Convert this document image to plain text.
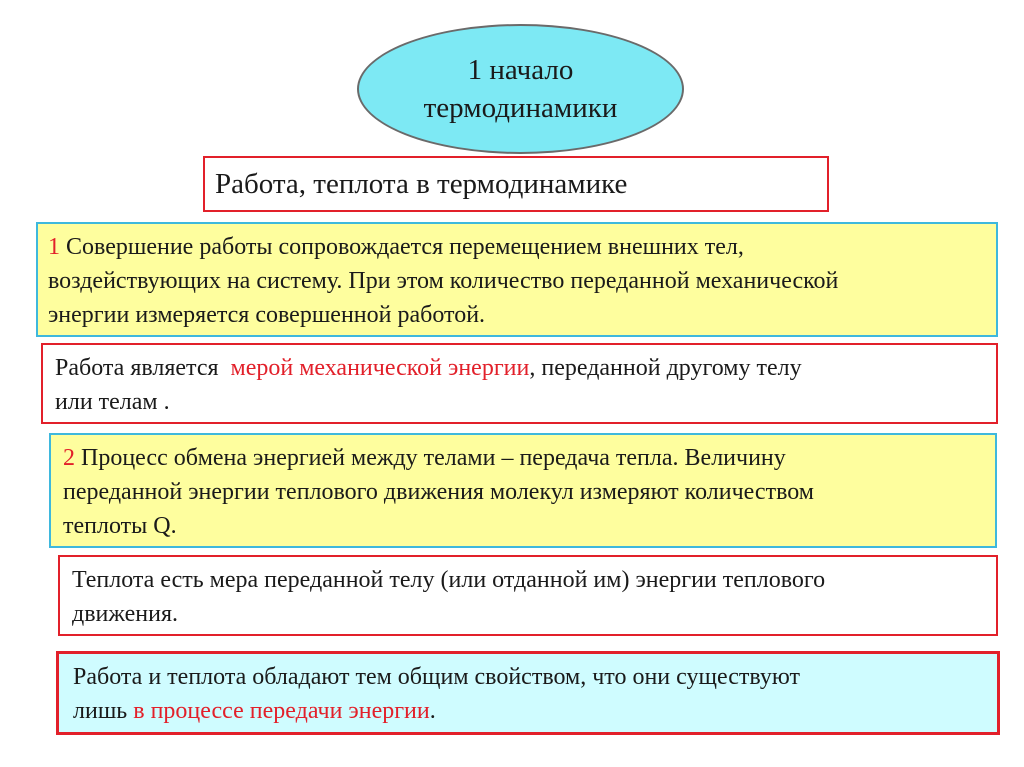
1 начало
термодинамики
Работа, теплота в термодинамике
1 Совершение работы сопровождается перемещением внешних тел,
воздействующих на систему. При этом количество переданной механической
энергии измеряется совершенной работой.
Работа является  мерой механической энергии, переданной другому телу
или телам .
2 Процесс обмена энергией между телами – передача тепла. Величину
переданной энергии теплового движения молекул измеряют количеством
теплоты Q.
Теплота есть мера переданной телу (или отданной им) энергии теплового
движения.
Работа и теплота обладают тем общим свойством, что они существуют
лишь в процессе передачи энергии.
